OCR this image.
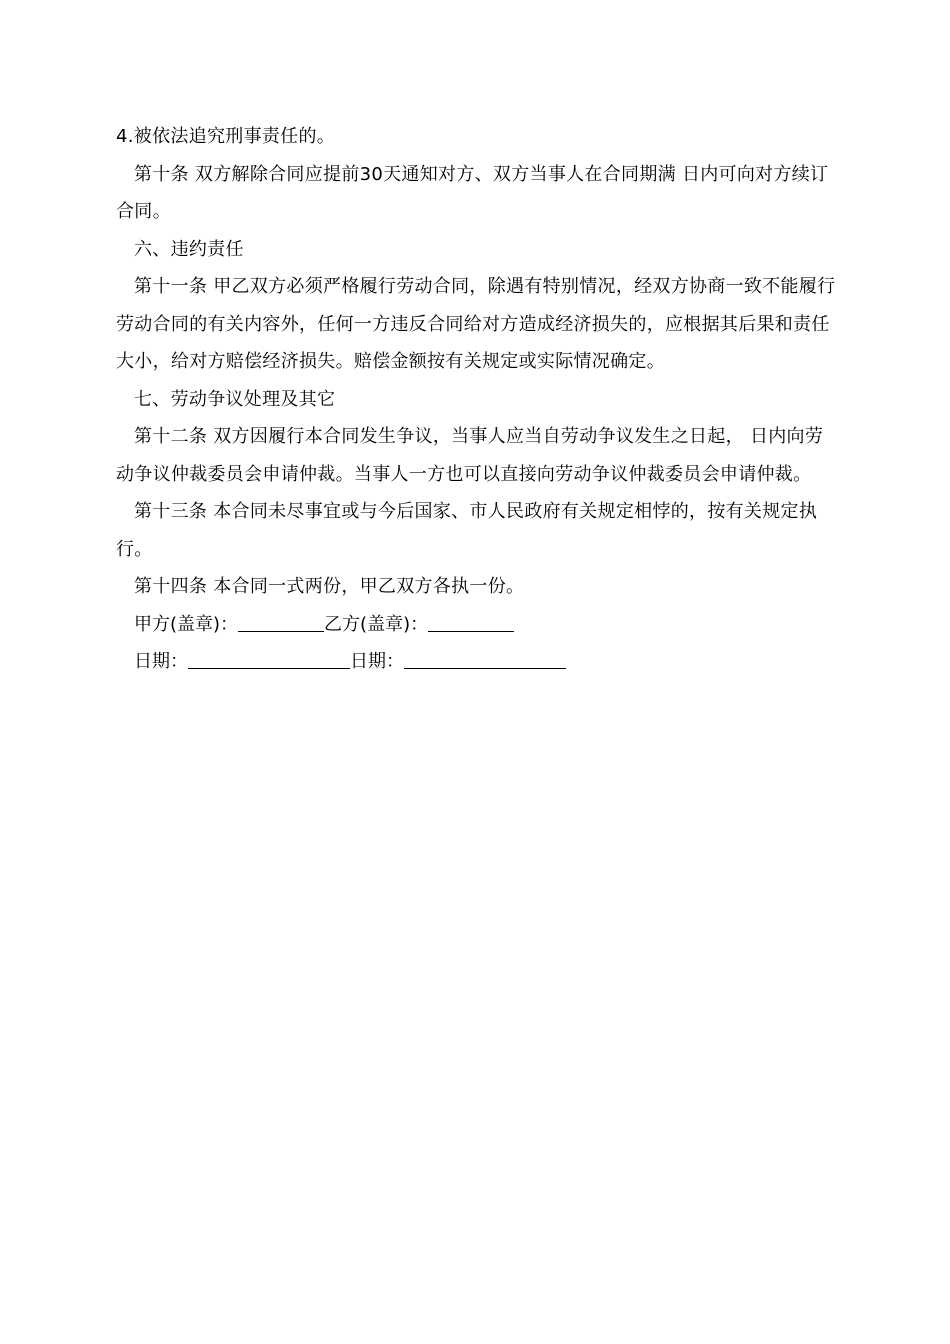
4.被依法追究刑事责任的。

第十条 双方解除合同应提前30天通知对方、双方当事人在合同期满 日内可向对方续订合同。

六、违约责任

第十一条 甲乙双方必须严格履行劳动合同，除遇有特别情况，经双方协商一致不能履行劳动合同的有关内容外，任何一方违反合同给对方造成经济损失的，应根据其后果和责任大小，给对方赔偿经济损失。赔偿金额按有关规定或实际情况确定。

七、劳动争议处理及其它

第十二条 双方因履行本合同发生争议，当事人应当自劳动争议发生之日起， 日内向劳动争议仲裁委员会申请仲裁。当事人一方也可以直接向劳动争议仲裁委员会申请仲裁。

第十三条 本合同未尽事宜或与今后国家、市人民政府有关规定相悖的，按有关规定执行。

第十四条 本合同一式两份，甲乙双方各执一份。

甲方(盖章)：	乙方(盖章)：
日期：	日期：
